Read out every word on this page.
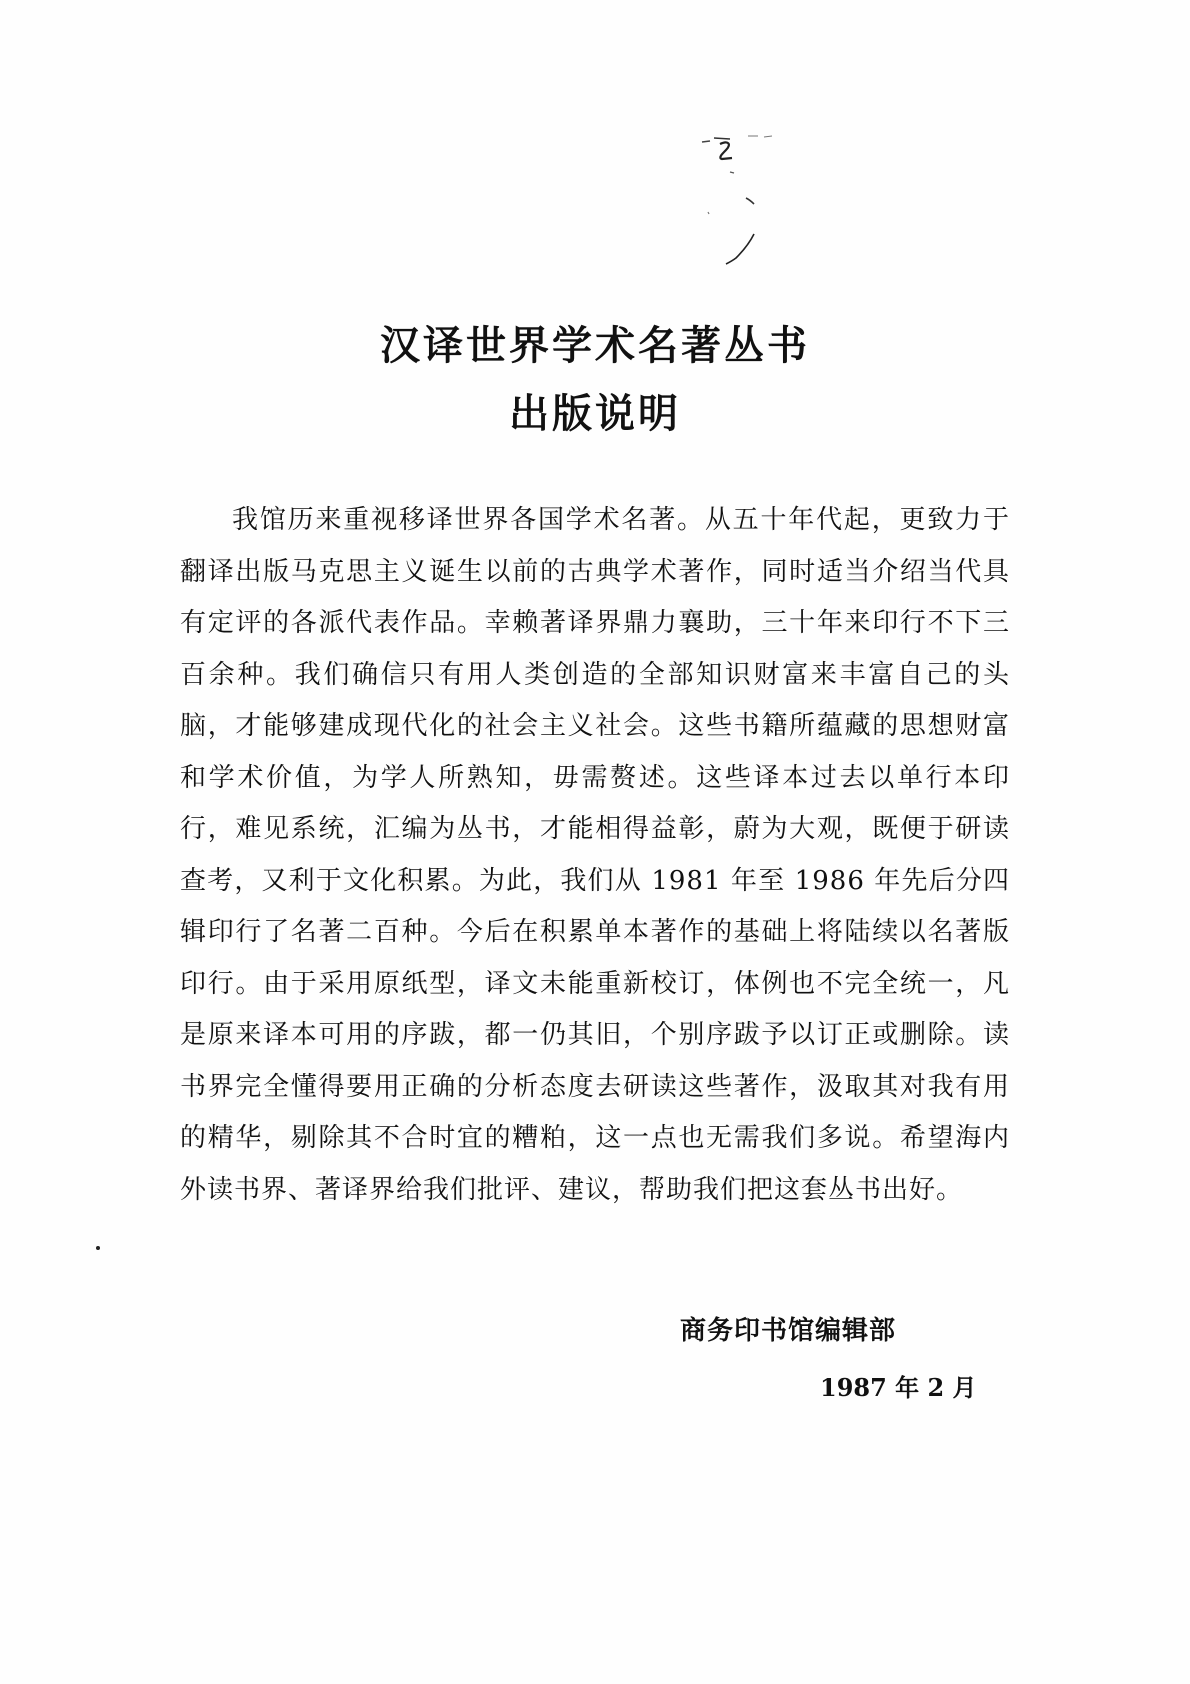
汉译世界学术名著丛书
出版说明

我馆历来重视移译世界各国学术名著。从五十年代起，更致力于翻译出版马克思主义诞生以前的古典学术著作，同时适当介绍当代具有定评的各派代表作品。幸赖著译界鼎力襄助，三十年来印行不下三百余种。我们确信只有用人类创造的全部知识财富来丰富自己的头脑，才能够建成现代化的社会主义社会。这些书籍所蕴藏的思想财富和学术价值，为学人所熟知，毋需赘述。这些译本过去以单行本印行，难见系统，汇编为丛书，才能相得益彰，蔚为大观，既便于研读查考，又利于文化积累。为此，我们从 1981 年至 1986 年先后分四辑印行了名著二百种。今后在积累单本著作的基础上将陆续以名著版印行。由于采用原纸型，译文未能重新校订，体例也不完全统一，凡是原来译本可用的序跋，都一仍其旧，个别序跋予以订正或删除。读书界完全懂得要用正确的分析态度去研读这些著作，汲取其对我有用的精华，剔除其不合时宜的糟粕，这一点也无需我们多说。希望海内外读书界、著译界给我们批评、建议，帮助我们把这套丛书出好。

商务印书馆编辑部
1987 年 2 月
